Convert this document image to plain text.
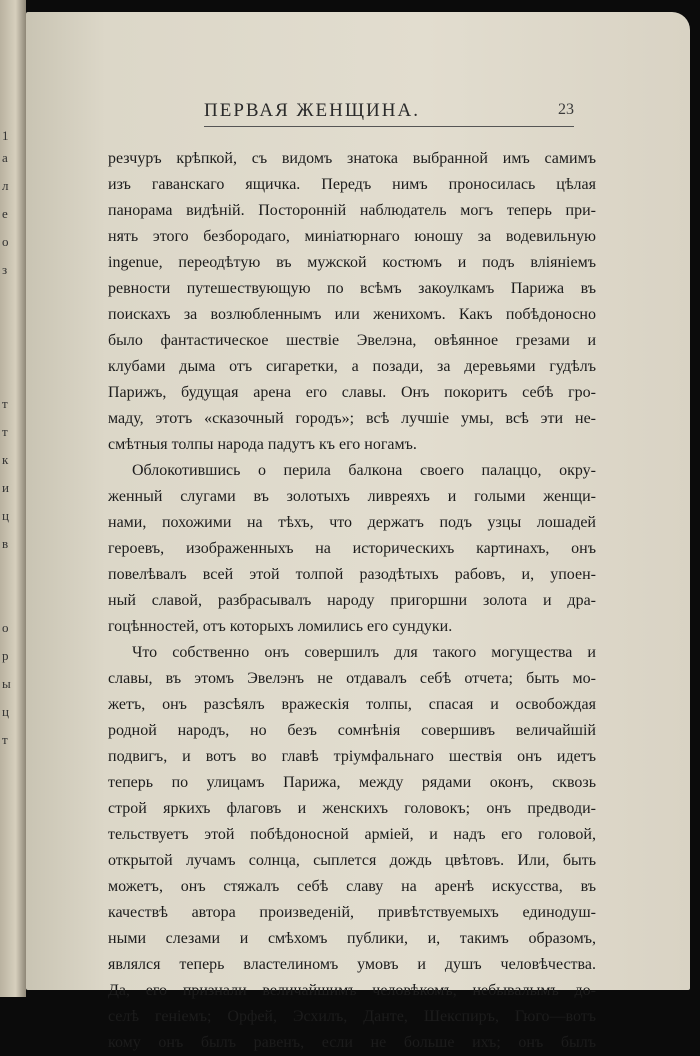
1
a
л
е
о
з
т
т
к
и
ц
в
о
р
ы
ц
т
ПЕРВАЯ ЖЕНЩИНА.	23
резчуръ крѣпкой, съ видомъ знатока выбранной имъ самимъ
изъ гаванскаго ящичка. Передъ нимъ проносилась цѣлая
панорама видѣній. Посторонній наблюдатель могъ теперь при-
нять этого безбородаго, миніатюрнаго юношу за водевильную
ingenue, переодѣтую въ мужской костюмъ и подъ вліяніемъ
ревности путешествующую по всѣмъ закоулкамъ Парижа въ
поискахъ за возлюбленнымъ или женихомъ. Какъ побѣдоносно
было фантастическое шествіе Эвелэна, овѣянное грезами и
клубами дыма отъ сигаретки, а позади, за деревьями гудѣлъ
Парижъ, будущая арена его славы. Онъ покоритъ себѣ гро-
маду, этотъ «сказочный городъ»; всѣ лучшіе умы, всѣ эти не-
смѣтныя толпы народа падутъ къ его ногамъ.
Облокотившись о перила балкона своего палаццо, окру-
женный слугами въ золотыхъ ливреяхъ и голыми женщи-
нами, похожими на тѣхъ, что держатъ подъ узцы лошадей
героевъ, изображенныхъ на историческихъ картинахъ, онъ
повелѣвалъ всей этой толпой разодѣтыхъ рабовъ, и, упоен-
ный славой, разбрасывалъ народу пригоршни золота и дра-
гоцѣнностей, отъ которыхъ ломились его сундуки.
Что собственно онъ совершилъ для такого могущества и
славы, въ этомъ Эвелэнъ не отдавалъ себѣ отчета; быть мо-
жетъ, онъ разсѣялъ вражескія толпы, спасая и освобождая
родной народъ, но безъ сомнѣнія совершивъ величайшій
подвигъ, и вотъ во главѣ тріумфальнаго шествія онъ идетъ
теперь по улицамъ Парижа, между рядами оконъ, сквозь
строй яркихъ флаговъ и женскихъ головокъ; онъ предводи-
тельствуетъ этой побѣдоносной арміей, и надъ его головой,
открытой лучамъ солнца, сыплется дождь цвѣтовъ. Или, быть
можетъ, онъ стяжалъ себѣ славу на аренѣ искусства, въ
качествѣ автора произведеній, привѣтствуемыхъ единодуш-
ными слезами и смѣхомъ публики, и, такимъ образомъ,
являлся теперь властелиномъ умовъ и душъ человѣчества.
Да, его признали величайшимъ человѣкомъ, небывалымъ до-
селѣ геніемъ; Орфей, Эсхилъ, Данте, Шекспиръ, Гюго—вотъ
кому онъ былъ равенъ, если не больше ихъ; онъ былъ
